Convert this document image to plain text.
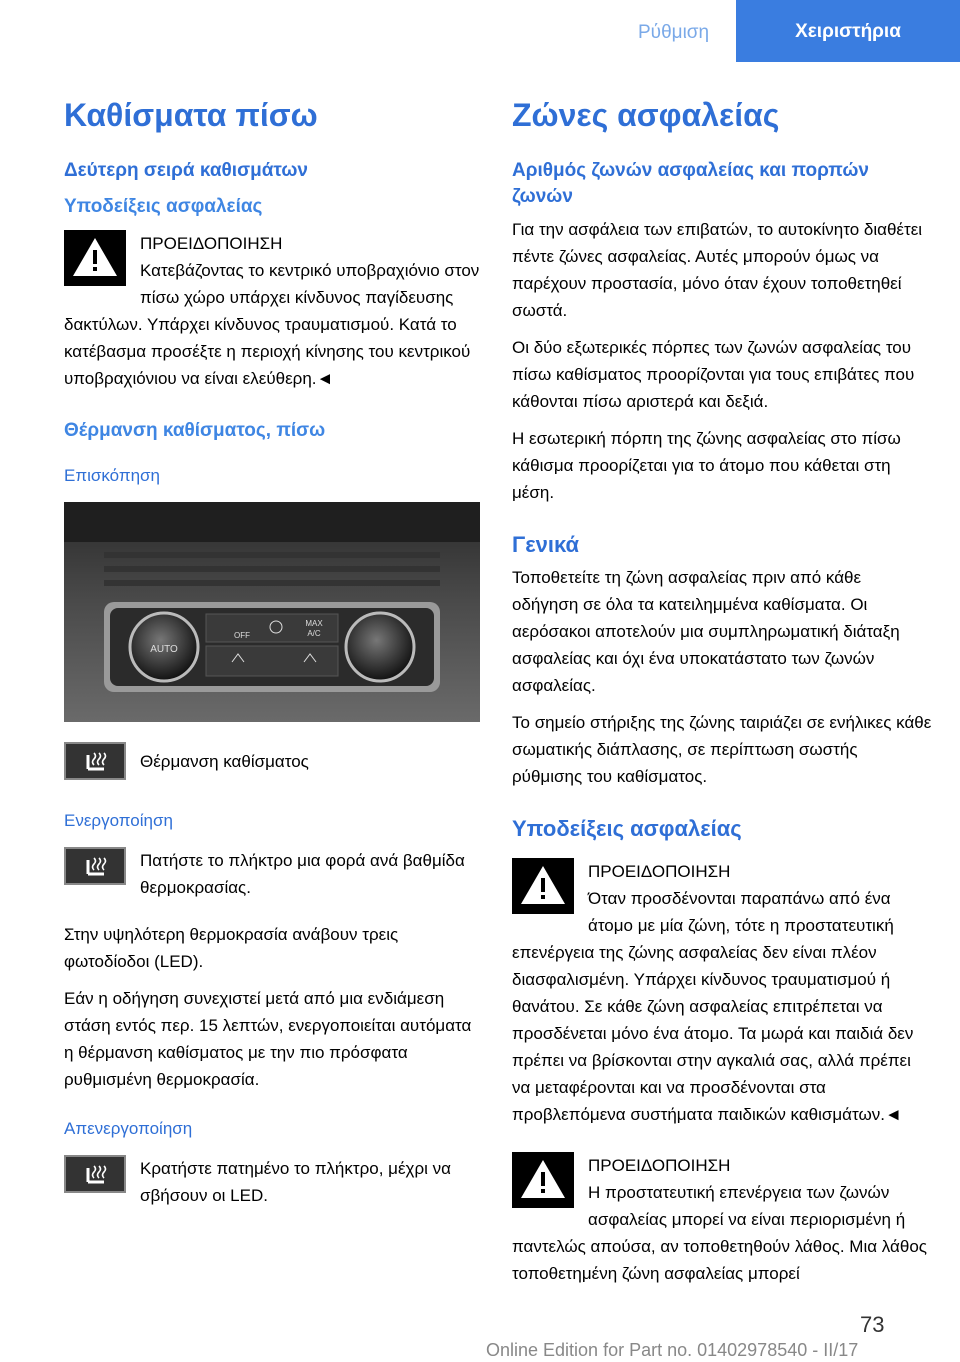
Ρύθμιση	Χειριστήρια
Καθίσματα πίσω
Δεύτερη σειρά καθισμάτων
Υποδείξεις ασφαλείας

ΠΡΟΕΙΔΟΠΟΙΗΣΗ

Κατεβάζοντας το κεντρικό υποβραχιόνιο στον πίσω χώρο υπάρχει κίνδυνος παγίδευσης δακτύλων. Υπάρχει κίνδυνος τραυματισμού. Κατά το κατέβασμα προσέξτε η περιοχή κίνησης του κεντρικού υποβραχιόνιου να είναι ελεύθερη.◄

Θέρμανση καθίσματος, πίσω
Επισκόπηση
AUTO
OFF
MAX
A/C

Θέρμανση καθίσματος

Ενεργοποίηση

Πατήστε το πλήκτρο μια φορά ανά βαθμίδα θερμοκρασίας.

Στην υψηλότερη θερμοκρασία ανάβουν τρεις φωτοδίοδοι (LED).

Εάν η οδήγηση συνεχιστεί μετά από μια ενδιάμεση στάση εντός περ. 15 λεπτών, ενεργοποιείται αυτόματα η θέρμανση καθίσματος με την πιο πρόσφατα ρυθμισμένη θερμοκρασία.

Απενεργοποίηση

Κρατήστε πατημένο το πλήκτρο, μέχρι να σβήσουν οι LED.

Ζώνες ασφαλείας
Αριθμός ζωνών ασφαλείας και πορπών ζωνών

Για την ασφάλεια των επιβατών, το αυτοκίνητο διαθέτει πέντε ζώνες ασφαλείας. Αυτές μπορούν όμως να παρέχουν προστασία, μόνο όταν έχουν τοποθετηθεί σωστά.

Οι δύο εξωτερικές πόρπες των ζωνών ασφαλείας του πίσω καθίσματος προορίζονται για τους επιβάτες που κάθονται πίσω αριστερά και δεξιά.

Η εσωτερική πόρπη της ζώνης ασφαλείας στο πίσω κάθισμα προορίζεται για το άτομο που κάθεται στη μέση.

Γενικά

Τοποθετείτε τη ζώνη ασφαλείας πριν από κάθε οδήγηση σε όλα τα κατειλημμένα καθίσματα. Οι αερόσακοι αποτελούν μια συμπληρωματική διάταξη ασφαλείας και όχι ένα υποκατάστατο των ζωνών ασφαλείας.

Το σημείο στήριξης της ζώνης ταιριάζει σε ενήλικες κάθε σωματικής διάπλασης, σε περίπτωση σωστής ρύθμισης του καθίσματος.

Υποδείξεις ασφαλείας

ΠΡΟΕΙΔΟΠΟΙΗΣΗ

Όταν προσδένονται παραπάνω από ένα άτομο με μία ζώνη, τότε η προστατευτική επενέργεια της ζώνης ασφαλείας δεν είναι πλέον διασφαλισμένη. Υπάρχει κίνδυνος τραυματισμού ή θανάτου. Σε κάθε ζώνη ασφαλείας επιτρέπεται να προσδένεται μόνο ένα άτομο. Τα μωρά και παιδιά δεν πρέπει να βρίσκονται στην αγκαλιά σας, αλλά πρέπει να μεταφέρονται και να προσδένονται στα προβλεπόμενα συστήματα παιδικών καθισμάτων.◄

ΠΡΟΕΙΔΟΠΟΙΗΣΗ

Η προστατευτική επενέργεια των ζωνών ασφαλείας μπορεί να είναι περιορισμένη ή παντελώς απούσα, αν τοποθετηθούν λάθος. Μια λάθος τοποθετημένη ζώνη ασφαλείας μπορεί

73
Online Edition for Part no. 01402978540 - II/17
